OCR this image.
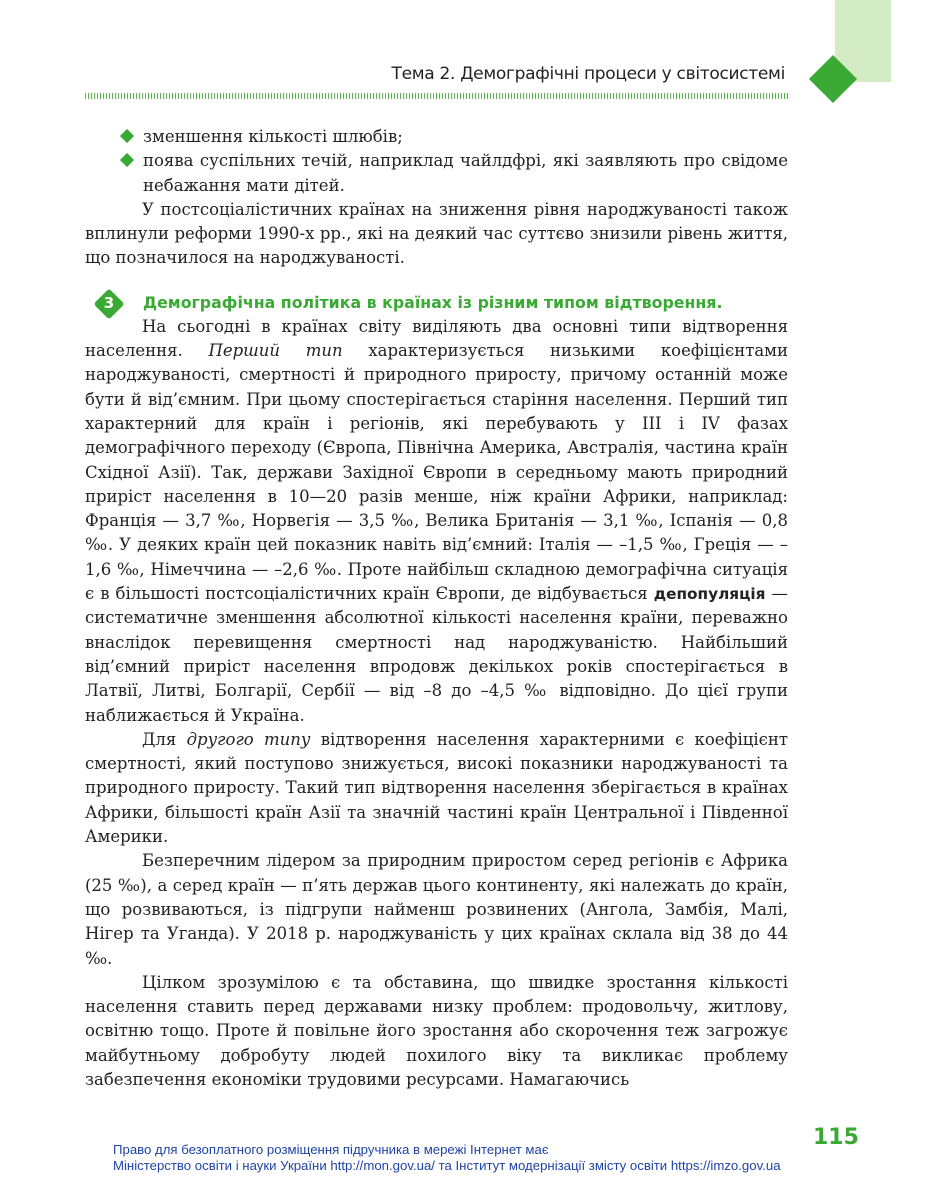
Тема 2. Демографічні процеси у світосистемі
зменшення кількості шлюбів;
поява суспільних течій, наприклад чайлдфрі, які заявляють про свідоме небажання мати дітей.

У постсоціалістичних країнах на зниження рівня народжуваності також вплинули реформи 1990-х рр., які на деякий час суттєво знизили рівень життя, що позначилося на народжуваності.

3	Демографічна політика в країнах із різним типом відтворення.

На сьогодні в країнах світу виділяють два основні типи відтворення населення. Перший тип характеризується низькими коефіцієнтами народжуваності, смертності й природного приросту, причому останній може бути й від’ємним. При цьому спостерігається старіння населення. Перший тип характерний для країн і регіонів, які перебувають у III і IV фазах демографічного переходу (Європа, Північна Америка, Австралія, частина країн Східної Азії). Так, держави Західної Європи в середньому мають природний приріст населення в 10—20 разів менше, ніж країни Африки, наприклад: Франція — 3,7 ‰, Норвегія — 3,5 ‰, Велика Британія — 3,1 ‰, Іспанія — 0,8 ‰. У деяких країн цей показник навіть від’ємний: Італія — –1,5 ‰, Греція — –1,6 ‰, Німеччина — –2,6 ‰. Проте найбільш складною демографічна ситуація є в більшості постсоціалістичних країн Європи, де відбувається депопуляція — систематичне зменшення абсолютної кількості населення країни, переважно внаслідок перевищення смертності над народжуваністю. Найбільший від’ємний приріст населення впродовж декількох років спостерігається в Латвії, Литві, Болгарії, Сербії — від –8 до –4,5 ‰ відповідно. До цієї групи наближається й Україна.

Для другого типу відтворення населення характерними є коефіцієнт смертності, який поступово знижується, високі показники народжуваності та природного приросту. Такий тип відтворення населення зберігається в країнах Африки, більшості країн Азії та значній частині країн Центральної і Південної Америки.

Безперечним лідером за природним приростом серед регіонів є Африка (25 ‰), а серед країн — п’ять держав цього континенту, які належать до країн, що розвиваються, із підгрупи найменш розвинених (Ангола, Замбія, Малі, Нігер та Уганда). У 2018 р. народжуваність у цих країнах склала від 38 до 44 ‰.

Цілком зрозумілою є та обставина, що швидке зростання кількості населення ставить перед державами низку проблем: продовольчу, житлову, освітню тощо. Проте й повільне його зростання або скорочення теж загрожує майбутньому добробуту людей похилого віку та викликає проблему забезпечення економіки трудовими ресурсами. Намагаючись

115
Право для безоплатного розміщення підручника в мережі Інтернет має
Міністерство освіти і науки України http://mon.gov.ua/ та Інститут модернізації змісту освіти https://imzo.gov.ua
